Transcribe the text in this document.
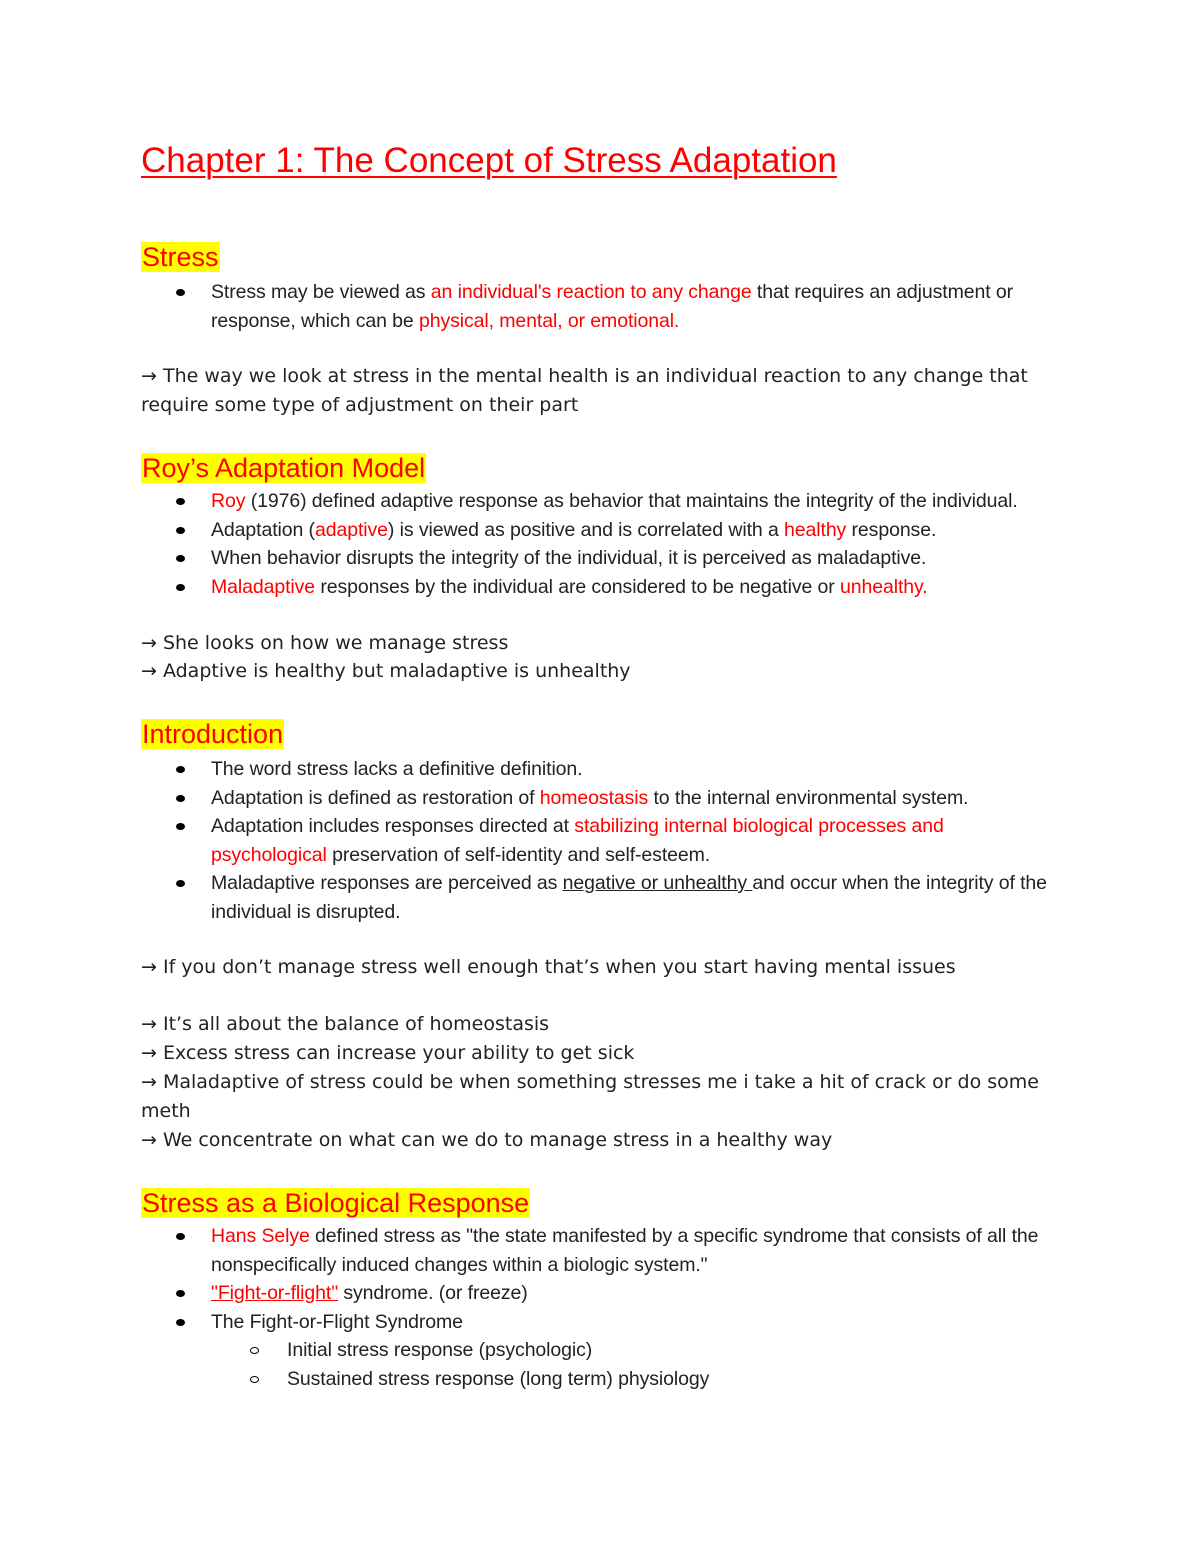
Chapter 1: The Concept of Stress Adaptation
Stress
Stress may be viewed as an individual's reaction to any change that requires an adjustment or response, which can be physical, mental, or emotional.

→ The way we look at stress in the mental health is an individual reaction to any change that require some type of adjustment on their part

Roy’s Adaptation Model
Roy (1976) defined adaptive response as behavior that maintains the integrity of the individual.
Adaptation (adaptive) is viewed as positive and is correlated with a healthy response.
When behavior disrupts the integrity of the individual, it is perceived as maladaptive.
Maladaptive responses by the individual are considered to be negative or unhealthy.

→ She looks on how we manage stress

→ Adaptive is healthy but maladaptive is unhealthy

Introduction
The word stress lacks a definitive definition.
Adaptation is defined as restoration of homeostasis to the internal environmental system.
Adaptation includes responses directed at stabilizing internal biological processes and psychological preservation of self-identity and self-esteem.
Maladaptive responses are perceived as negative or unhealthy and occur when the integrity of the individual is disrupted.

→ If you don’t manage stress well enough that’s when you start having mental issues

→ It’s all about the balance of homeostasis

→ Excess stress can increase your ability to get sick

→ Maladaptive of stress could be when something stresses me i take a hit of crack or do some meth

→ We concentrate on what can we do to manage stress in a healthy way

Stress as a Biological Response
Hans Selye defined stress as "the state manifested by a specific syndrome that consists of all the nonspecifically induced changes within a biologic system."
"Fight-or-flight" syndrome. (or freeze)
The Fight-or-Flight Syndrome
Initial stress response (psychologic)
Sustained stress response (long term) physiology
